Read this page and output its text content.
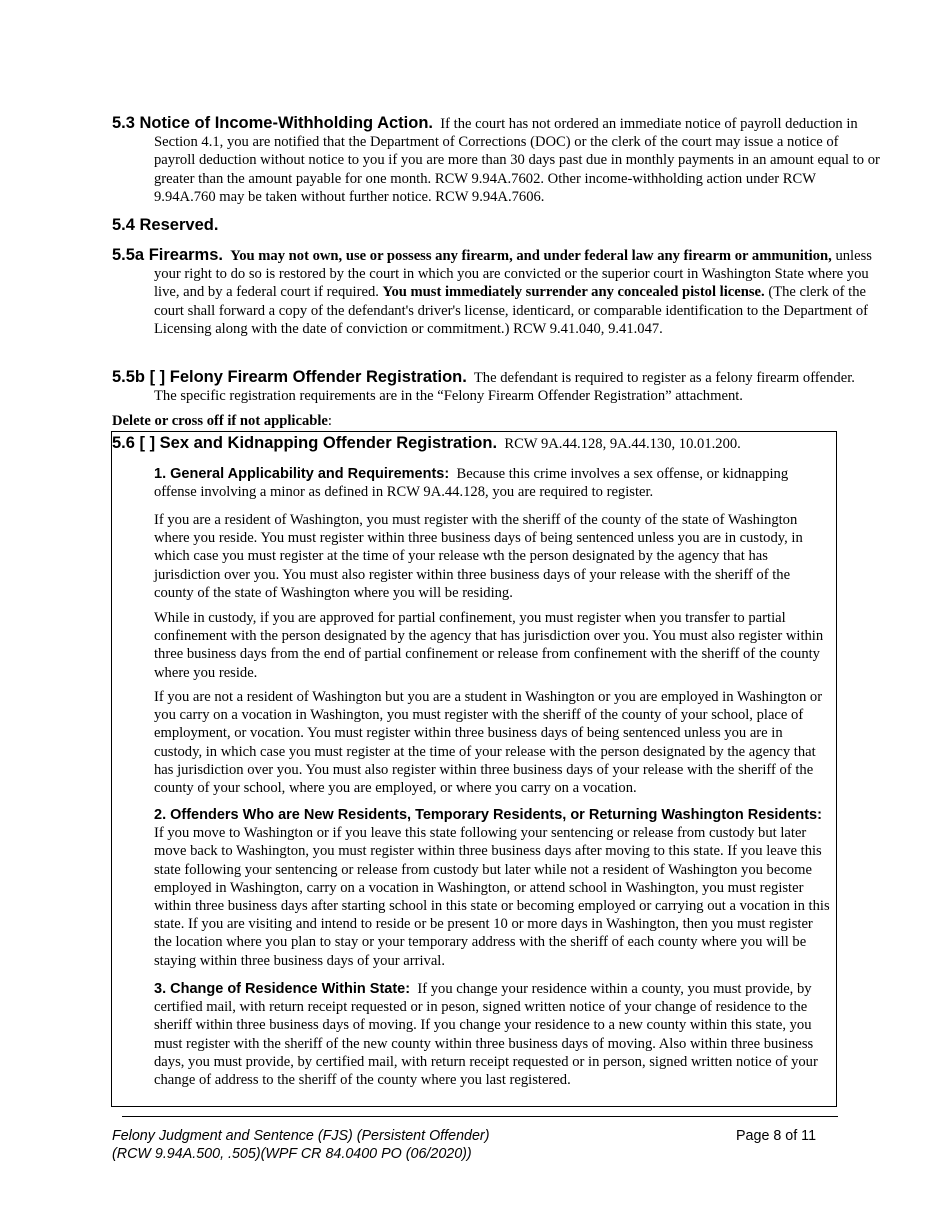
5.3 Notice of Income-Withholding Action. If the court has not ordered an immediate notice of payroll deduction in Section 4.1, you are notified that the Department of Corrections (DOC) or the clerk of the court may issue a notice of payroll deduction without notice to you if you are more than 30 days past due in monthly payments in an amount equal to or greater than the amount payable for one month. RCW 9.94A.7602. Other income-withholding action under RCW 9.94A.760 may be taken without further notice. RCW 9.94A.7606.
5.4 Reserved.
5.5a Firearms. You may not own, use or possess any firearm, and under federal law any firearm or ammunition, unless your right to do so is restored by the court in which you are convicted or the superior court in Washington State where you live, and by a federal court if required. You must immediately surrender any concealed pistol license. (The clerk of the court shall forward a copy of the defendant's driver's license, identicard, or comparable identification to the Department of Licensing along with the date of conviction or commitment.) RCW 9.41.040, 9.41.047.
5.5b [ ] Felony Firearm Offender Registration. The defendant is required to register as a felony firearm offender. The specific registration requirements are in the “Felony Firearm Offender Registration” attachment.
Delete or cross off if not applicable:
5.6 [ ] Sex and Kidnapping Offender Registration. RCW 9A.44.128, 9A.44.130, 10.01.200.
1. General Applicability and Requirements: Because this crime involves a sex offense, or kidnapping offense involving a minor as defined in RCW 9A.44.128, you are required to register.

If you are a resident of Washington, you must register with the sheriff of the county of the state of Washington where you reside. You must register within three business days of being sentenced unless you are in custody, in which case you must register at the time of your release wth the person designated by the agency that has jurisdiction over you. You must also register within three business days of your release with the sheriff of the county of the state of Washington where you will be residing.

While in custody, if you are approved for partial confinement, you must register when you transfer to partial confinement with the person designated by the agency that has jurisdiction over you. You must also register within three business days from the end of partial confinement or release from confinement with the sheriff of the county where you reside.

If you are not a resident of Washington but you are a student in Washington or you are employed in Washington or you carry on a vocation in Washington, you must register with the sheriff of the county of your school, place of employment, or vocation. You must register within three business days of being sentenced unless you are in custody, in which case you must register at the time of your release with the person designated by the agency that has jurisdiction over you. You must also register within three business days of your release with the sheriff of the county of your school, where you are employed, or where you carry on a vocation.

2. Offenders Who are New Residents, Temporary Residents, or Returning Washington Residents:  If you move to Washington or if you leave this state following your sentencing or release from custody but later move back to Washington, you must register within three business days after moving to this state. If you leave this state following your sentencing or release from custody but later while not a resident of Washington you become employed in Washington, carry on a vocation in Washington, or attend school in Washington, you must register within three business days after starting school in this state or becoming employed or carrying out a vocation in this state. If you are visiting and intend to reside or be present 10 or more days in Washington, then you must register the location where you plan to stay or your temporary address with the sheriff of each county where you will be staying within three business days of your arrival.
3. Change of Residence Within State: If you change your residence within a county, you must provide, by certified mail, with return receipt requested or in peson, signed written notice of your change of residence to the sheriff within three business days of moving. If you change your residence to a new county within this state, you must register with the sheriff of the new county within three business days of moving. Also within three business days, you must provide, by certified mail, with return receipt requested or in person, signed written notice of your change of address to the sheriff of the county where you last registered.
Felony Judgment and Sentence (FJS) (Persistent Offender)
(RCW 9.94A.500, .505)(WPF CR 84.0400 PO (06/2020))
Page 8 of 11
